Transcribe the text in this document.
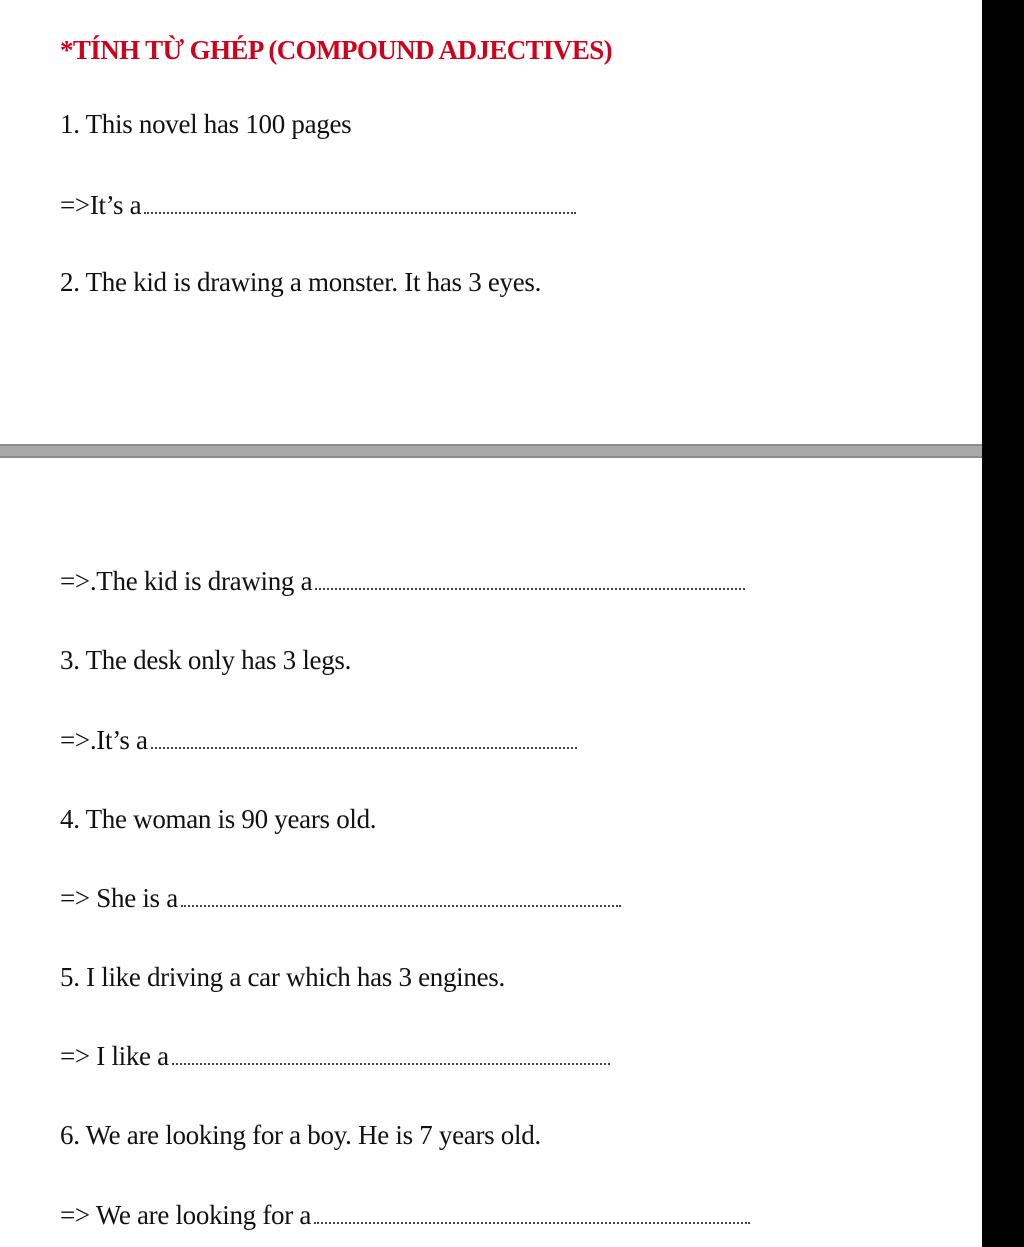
*TÍNH TỪ GHÉP (COMPOUND ADJECTIVES)
1. This novel has 100 pages
=>It’s a
2. The kid is drawing a monster. It has 3 eyes.
=>.The kid is drawing a
3. The desk only has 3 legs.
=>.It’s a
4. The woman is 90 years old.
=> She is a
5. I like driving a car which has 3 engines.
=> I like a
6. We are looking for a boy. He is 7 years old.
=> We are looking for a
